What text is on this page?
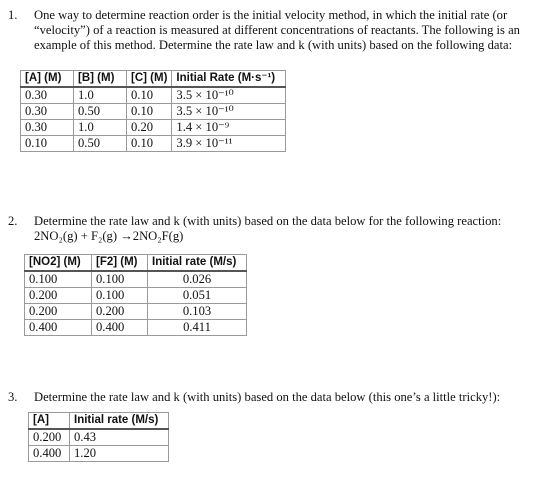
1.	One way to determine reaction order is the initial velocity method, in which the initial rate (or “velocity”) of a reaction is measured at different concentrations of reactants. The following is an example of this method. Determine the rate law and k (with units) based on the following data:
[A] (M)	[B] (M)	[C] (M)	Initial Rate (M·s⁻¹)
0.30	1.0	0.10	3.5 × 10⁻¹⁰
0.30	0.50	0.10	3.5 × 10⁻¹⁰
0.30	1.0	0.20	1.4 × 10⁻⁹
0.10	0.50	0.10	3.9 × 10⁻¹¹
2.	Determine the rate law and k (with units) based on the data below for the following reaction:
2NO₂(g) + F₂(g) →2NO₂F(g)
[NO2] (M)	[F2] (M)	Initial rate (M/s)
0.100	0.100	0.026
0.200	0.100	0.051
0.200	0.200	0.103
0.400	0.400	0.411
3.	Determine the rate law and k (with units) based on the data below (this one’s a little tricky!):
[A]	Initial rate (M/s)
0.200	0.43
0.400	1.20
